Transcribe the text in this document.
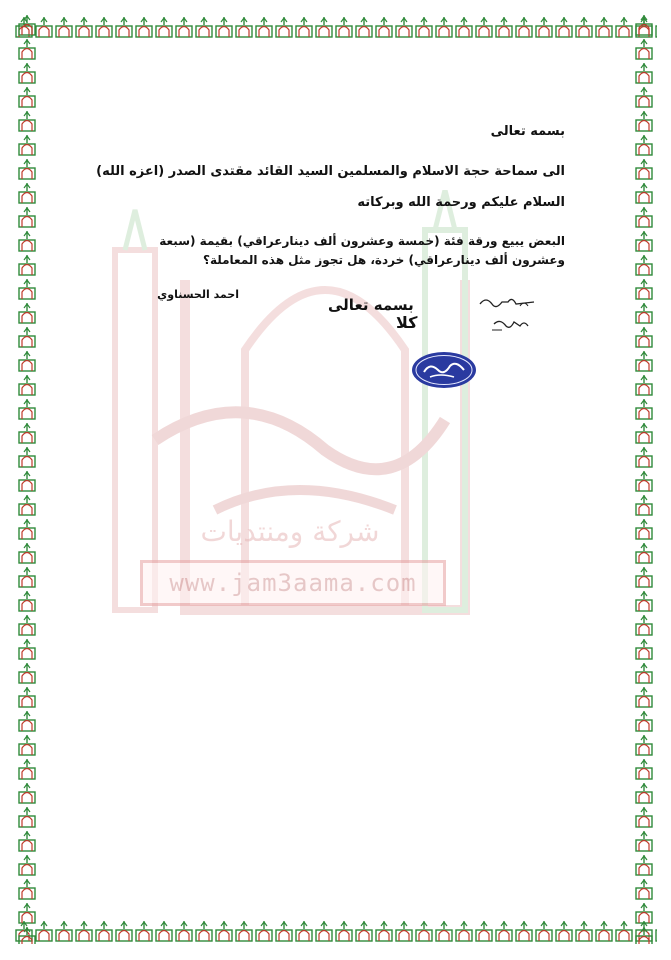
شركة ومنتديات
www.jam3aama.com
بسمه تعالى
الى سماحة حجة الاسلام والمسلمين السيد القائد مقتدى الصدر (اعزه الله)
السلام عليكم ورحمة الله وبركاته
البعض يبيع ورقة فئة (خمسة وعشرون ألف دينارعراقي) بقيمة (سبعة وعشرون ألف دينارعراقي) خردة، هل تجوز مثل هذه المعاملة؟
احمد الحسناوي
بسمه تعالى
كلا
